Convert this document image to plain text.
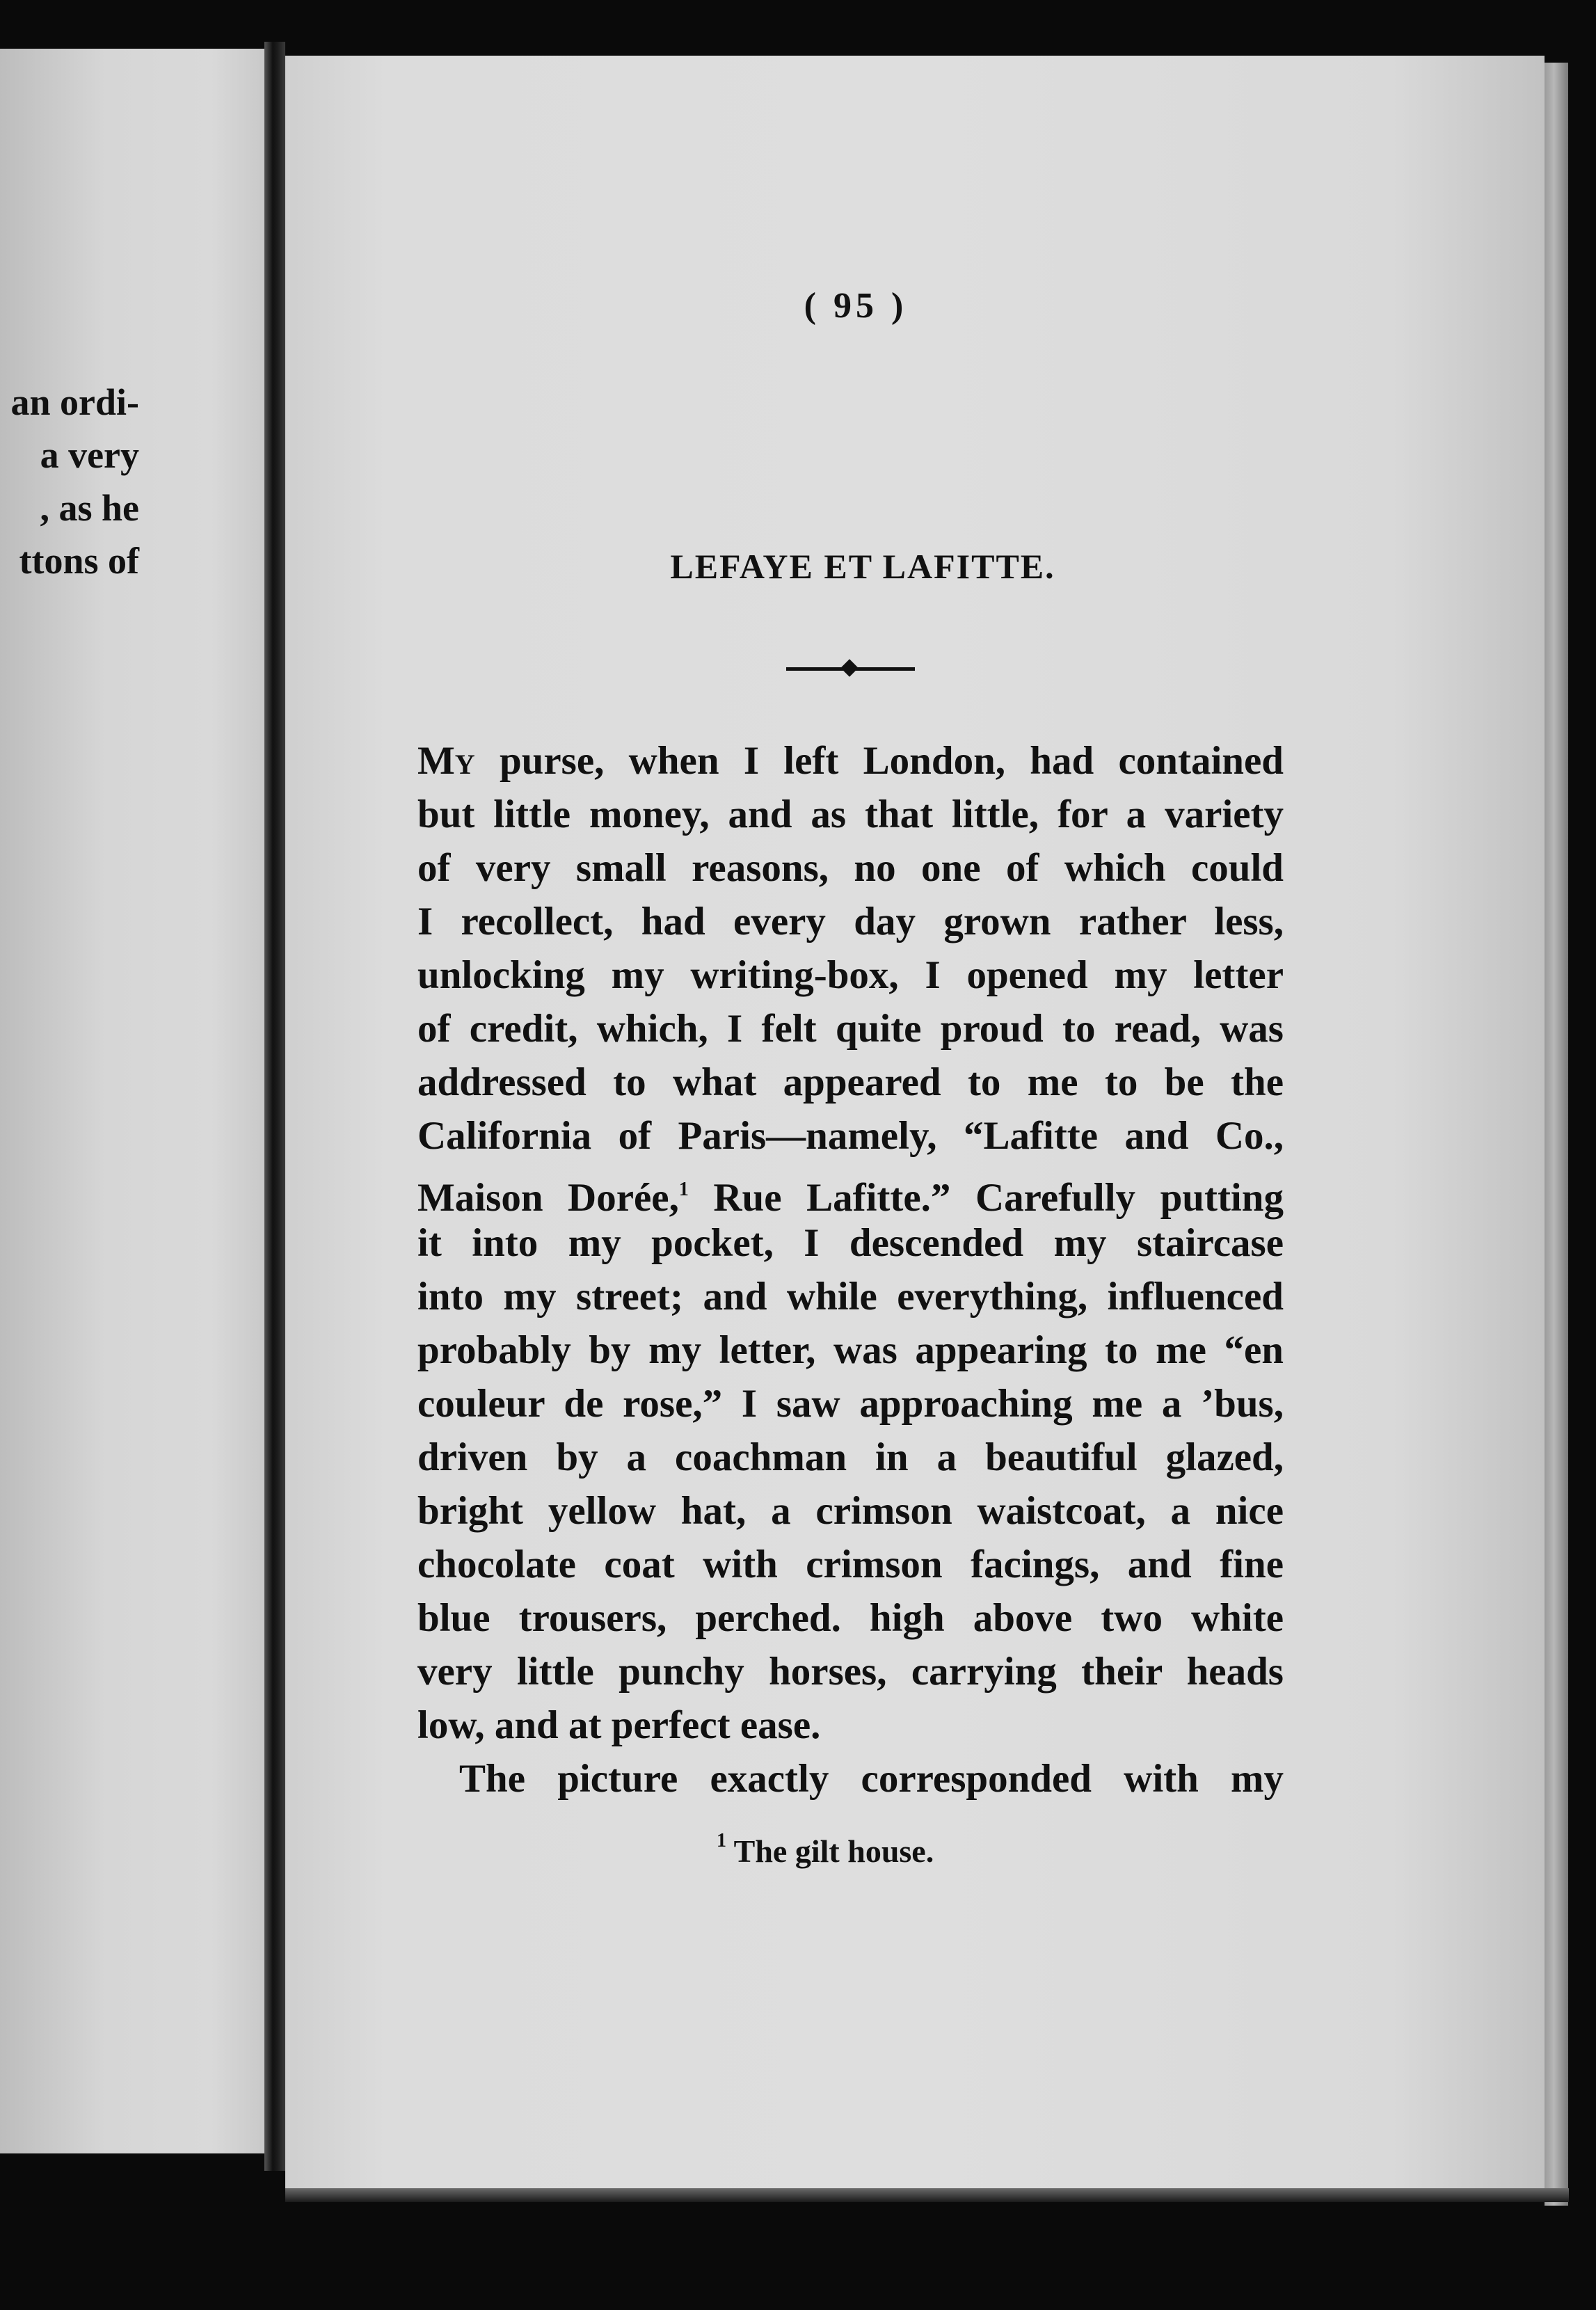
an ordi-
a very
, as he
ttons of
( 95 )
LEFAYE ET LAFITTE.
My purse, when I left London, had contained
but little money, and as that little, for a variety
of very small reasons, no one of which could
I recollect, had every day grown rather less,
unlocking my writing-box, I opened my letter
of credit, which, I felt quite proud to read, was
addressed to what appeared to me to be the
California of Paris—namely, “Lafitte and Co.,
Maison Dorée,$^1$ Rue Lafitte.” Carefully putting
it into my pocket, I descended my staircase
into my street; and while everything, influenced
probably by my letter, was appearing to me “en
couleur de rose,” I saw approaching me a ’bus,
driven by a coachman in a beautiful glazed,
bright yellow hat, a crimson waistcoat, a nice
chocolate coat with crimson facings, and fine
blue trousers, perched. high above two white
very little punchy horses, carrying their heads
low, and at perfect ease.
The picture exactly corresponded with my
$^1$ The gilt house.
